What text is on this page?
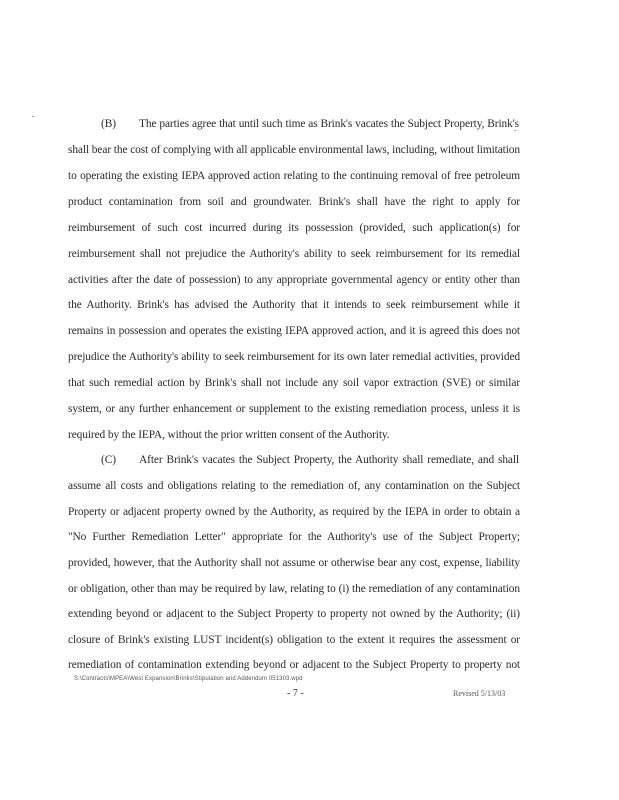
(B) The parties agree that until such time as Brink's vacates the Subject Property, Brink's
shall bear the cost of complying with all applicable environmental laws, including, without limitation
to operating the existing IEPA approved action relating to the continuing removal of free petroleum
product contamination from soil and groundwater. Brink's shall have the right to apply for
reimbursement of such cost incurred during its possession (provided, such application(s) for
reimbursement shall not prejudice the Authority's ability to seek reimbursement for its remedial
activities after the date of possession) to any appropriate governmental agency or entity other than
the Authority. Brink's has advised the Authority that it intends to seek reimbursement while it
remains in possession and operates the existing IEPA approved action, and it is agreed this does not
prejudice the Authority's ability to seek reimbursement for its own later remedial activities, provided
that such remedial action by Brink's shall not include any soil vapor extraction (SVE) or similar
system, or any further enhancement or supplement to the existing remediation process, unless it is
required by the IEPA, without the prior written consent of the Authority.
(C) After Brink's vacates the Subject Property, the Authority shall remediate, and shall
assume all costs and obligations relating to the remediation of, any contamination on the Subject
Property or adjacent property owned by the Authority, as required by the IEPA in order to obtain a
"No Further Remediation Letter" appropriate for the Authority's use of the Subject Property;
provided, however, that the Authority shall not assume or otherwise bear any cost, expense, liability
or obligation, other than may be required by law, relating to (i) the remediation of any contamination
extending beyond or adjacent to the Subject Property to property not owned by the Authority; (ii)
closure of Brink's existing LUST incident(s) obligation to the extent it requires the assessment or
remediation of contamination extending beyond or adjacent to the Subject Property to property not
S:\Contracts\MPEA\West Expansion\Brinks\Stipulation and Addendum 051303.wpd
- 7 -	Revised 5/13/03
